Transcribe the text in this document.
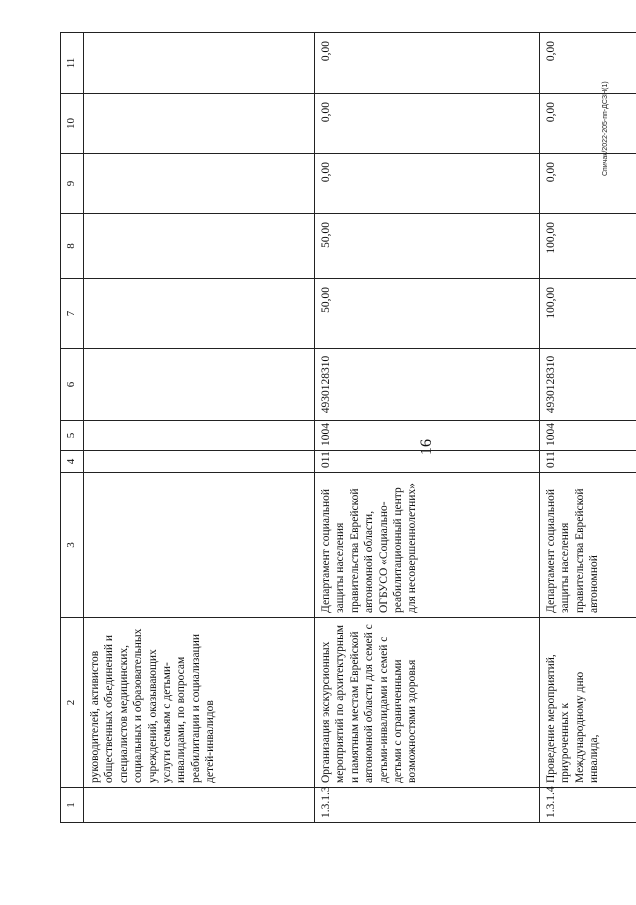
16
1	2	3	4	5	6	7	8	9	10	11
	руководителей, активистов общественных объединений и специалистов медицинских, социальных и образовательных учреждений, оказывающих услуги семьям с детьми-инвалидами, по вопросам реабилитации и социализации детей-инвалидов									
1.3.1.3	Организация экскурсионных мероприятий по архитектурным и памятным местам Еврейской автономной области для семей с детьми-инвалидами и семей с детьми с ограниченными возможностями здоровья	Департамент социальной защиты населения правительства Еврейской автономной области, ОГБУСО «Социально-реабилитационный центр для несовершеннолетних»	011	1004	4930128310	50,00	50,00	0,00	0,00	0,00
1.3.1.4	Проведение мероприятий, приуроченных к Международному дню инвалида,	Департамент социальной защиты населения правительства Еврейской автономной	011	1004	4930128310	100,00	100,00	0,00	0,00	0,00
Спичак/2022-205-пп-ДСЗН(1)
